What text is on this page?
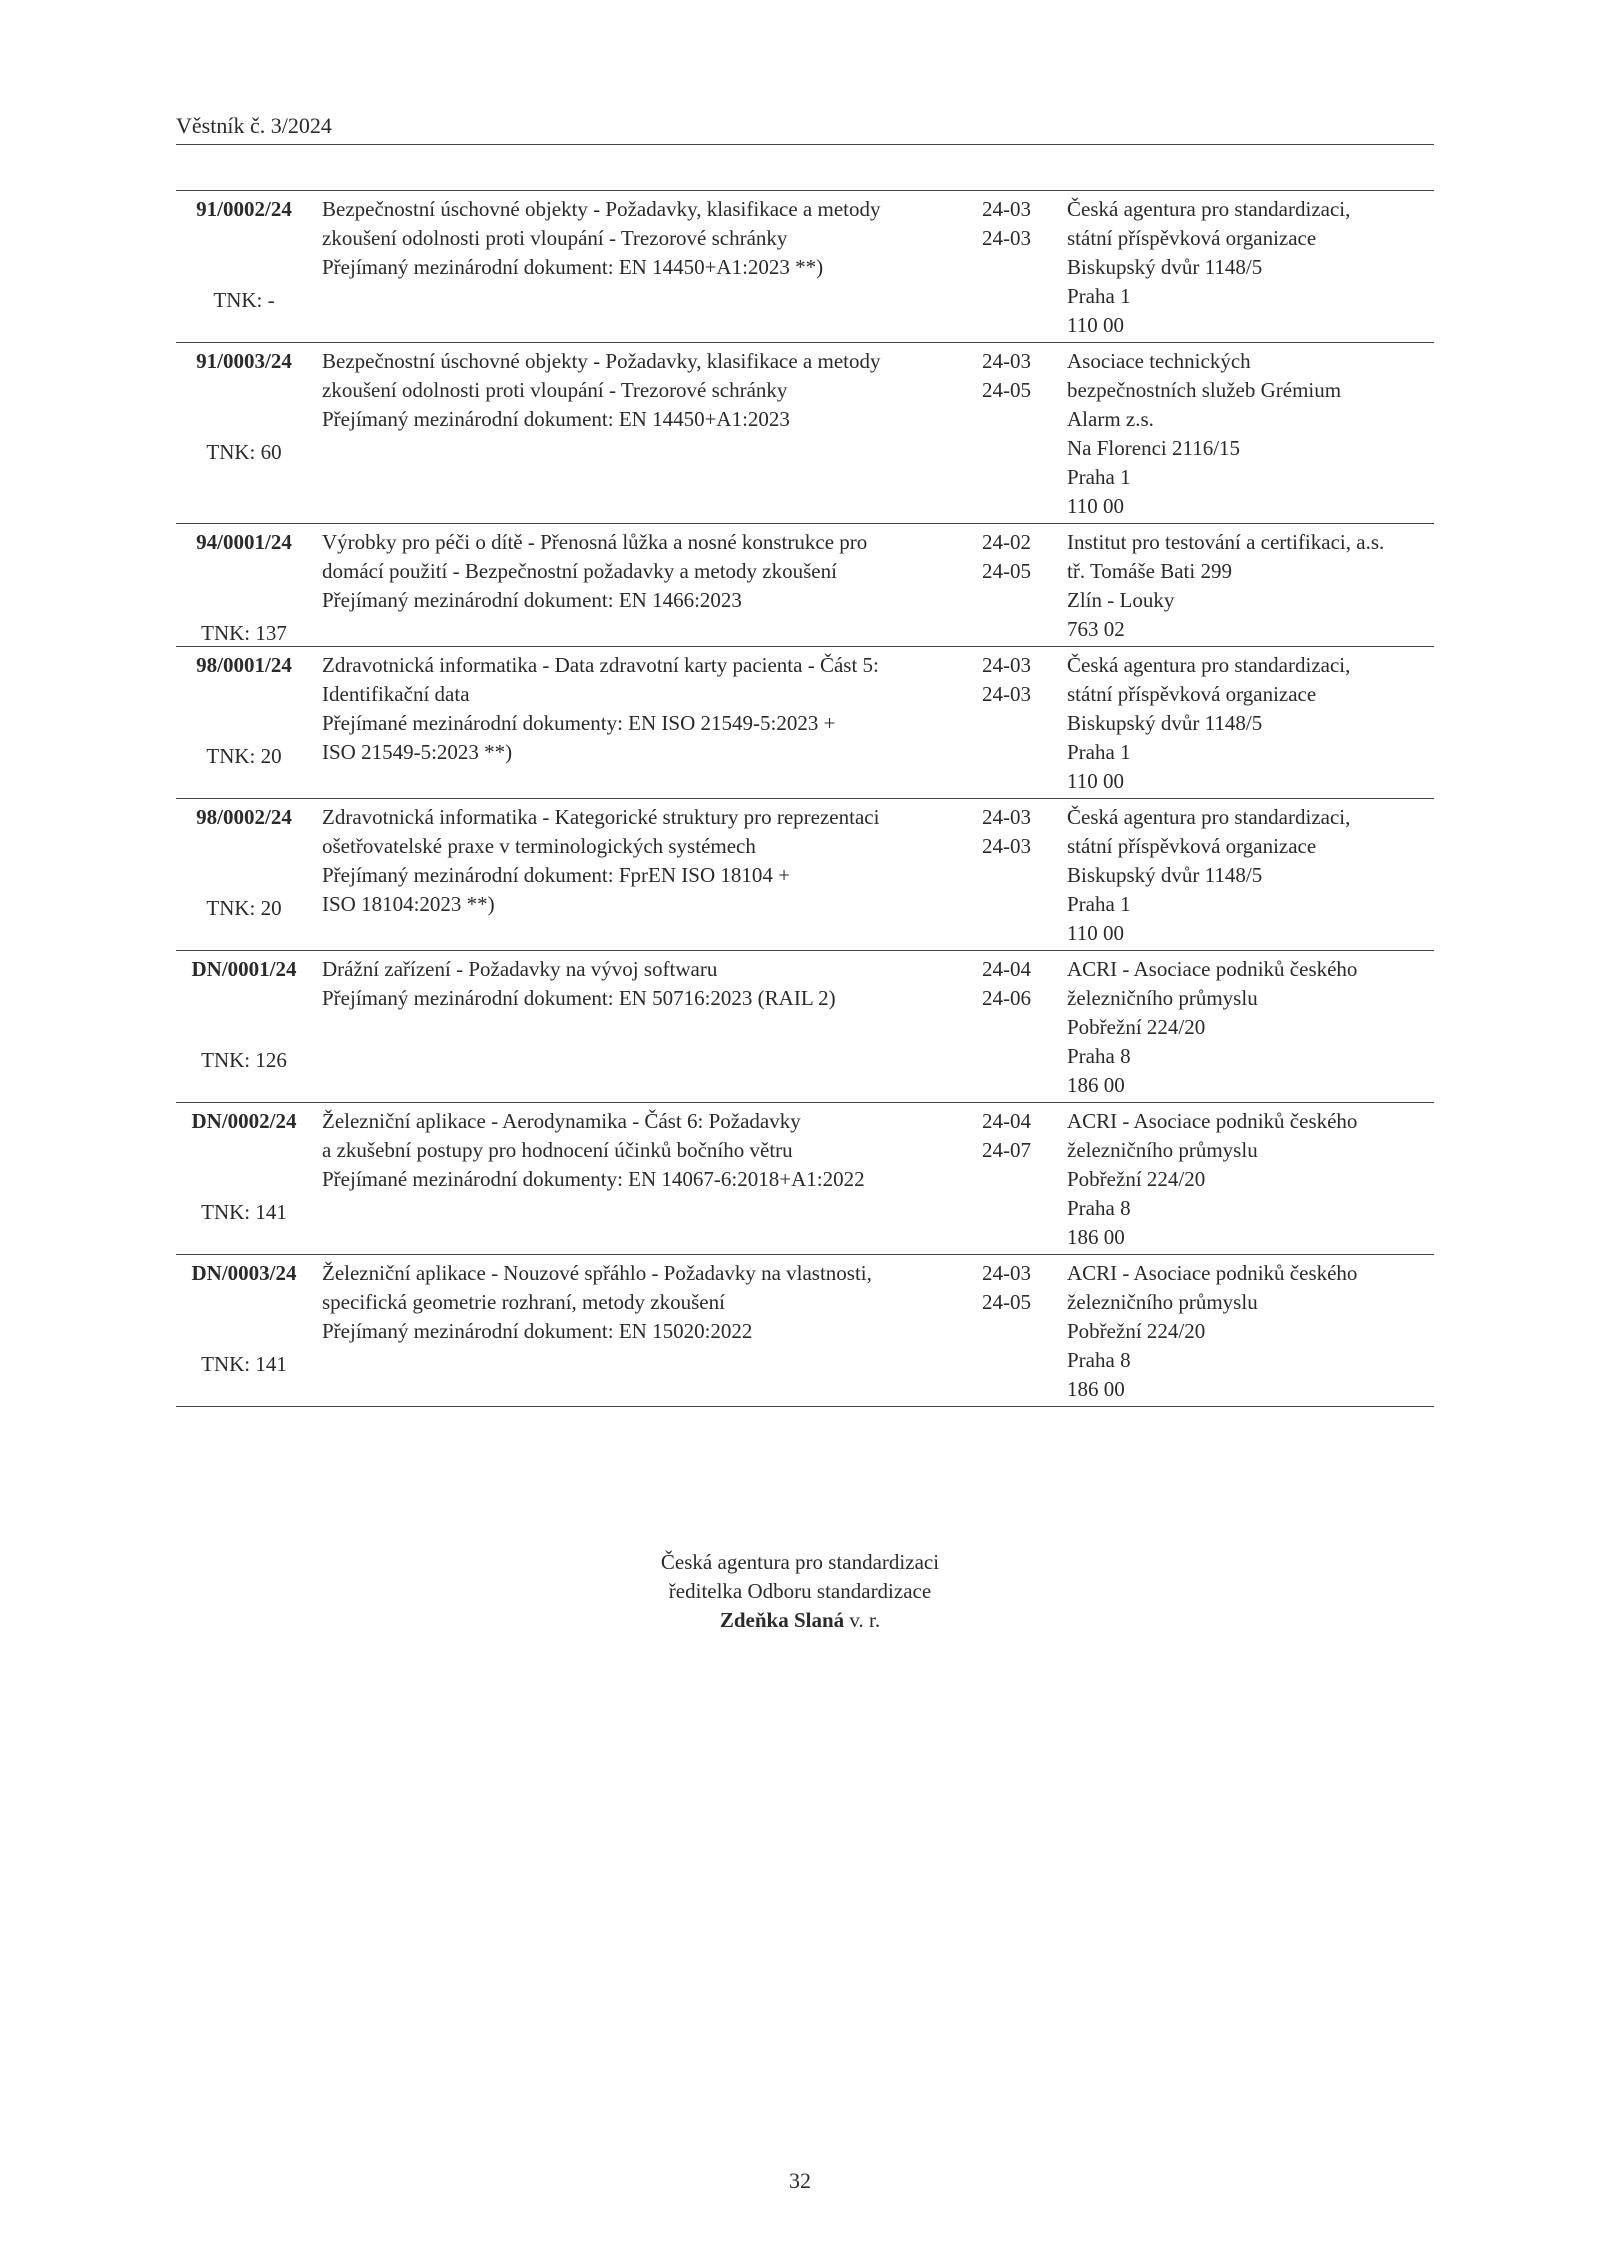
Věstník č. 3/2024
91/0002/24
TNK: -
Bezpečnostní úschovné objekty - Požadavky, klasifikace a metody
zkoušení odolnosti proti vloupání - Trezorové schránky
Přejímaný mezinárodní dokument: EN 14450+A1:2023 **)
24-03
24-03
Česká agentura pro standardizaci,
státní příspěvková organizace
Biskupský dvůr 1148/5
Praha 1
110 00
91/0003/24
TNK: 60
Bezpečnostní úschovné objekty - Požadavky, klasifikace a metody
zkoušení odolnosti proti vloupání - Trezorové schránky
Přejímaný mezinárodní dokument: EN 14450+A1:2023
24-03
24-05
Asociace technických
bezpečnostních služeb Grémium
Alarm z.s.
Na Florenci 2116/15
Praha 1
110 00
94/0001/24
TNK: 137
Výrobky pro péči o dítě - Přenosná lůžka a nosné konstrukce pro
domácí použití - Bezpečnostní požadavky a metody zkoušení
Přejímaný mezinárodní dokument: EN 1466:2023
24-02
24-05
Institut pro testování a certifikaci, a.s.
tř. Tomáše Bati 299
Zlín - Louky
763 02
98/0001/24
TNK: 20
Zdravotnická informatika - Data zdravotní karty pacienta - Část 5:
Identifikační data
Přejímané mezinárodní dokumenty: EN ISO 21549-5:2023 +
ISO 21549-5:2023 **)
24-03
24-03
Česká agentura pro standardizaci,
státní příspěvková organizace
Biskupský dvůr 1148/5
Praha 1
110 00
98/0002/24
TNK: 20
Zdravotnická informatika - Kategorické struktury pro reprezentaci
ošetřovatelské praxe v terminologických systémech
Přejímaný mezinárodní dokument: FprEN ISO 18104 +
ISO 18104:2023 **)
24-03
24-03
Česká agentura pro standardizaci,
státní příspěvková organizace
Biskupský dvůr 1148/5
Praha 1
110 00
DN/0001/24
TNK: 126
Drážní zařízení - Požadavky na vývoj softwaru
Přejímaný mezinárodní dokument: EN 50716:2023 (RAIL 2)
24-04
24-06
ACRI - Asociace podniků českého
železničního průmyslu
Pobřežní 224/20
Praha 8
186 00
DN/0002/24
TNK: 141
Železniční aplikace - Aerodynamika - Část 6: Požadavky
a zkušební postupy pro hodnocení účinků bočního větru
Přejímané mezinárodní dokumenty: EN 14067-6:2018+A1:2022
24-04
24-07
ACRI - Asociace podniků českého
železničního průmyslu
Pobřežní 224/20
Praha 8
186 00
DN/0003/24
TNK: 141
Železniční aplikace - Nouzové spřáhlo - Požadavky na vlastnosti,
specifická geometrie rozhraní, metody zkoušení
Přejímaný mezinárodní dokument: EN 15020:2022
24-03
24-05
ACRI - Asociace podniků českého
železničního průmyslu
Pobřežní 224/20
Praha 8
186 00
Česká agentura pro standardizaci
ředitelka Odboru standardizace
Zdeňka Slaná v. r.
32
